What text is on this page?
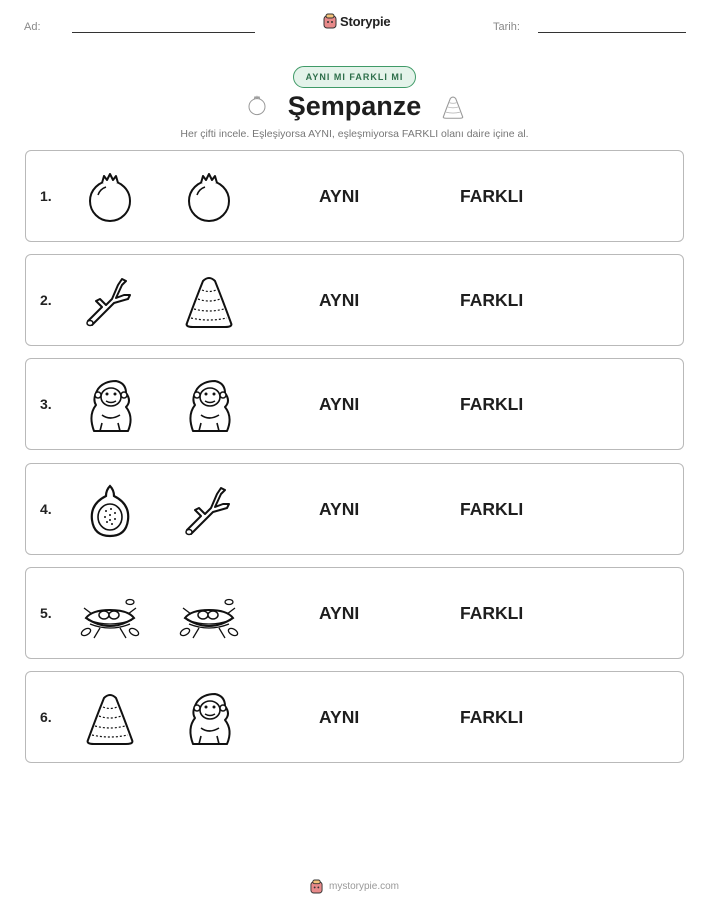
Ad:	Storypie	Tarih:
AYNI MI FARKLI MI
Şempanze
Her çifti incele. Eşleşiyorsa AYNI, eşleşmiyorsa FARKLI olanı daire içine al.
1.	AYNI	FARKLI
2.	AYNI	FARKLI
3.	AYNI	FARKLI
4.	AYNI	FARKLI
5.	AYNI	FARKLI
6.	AYNI	FARKLI
mystorypie.com
